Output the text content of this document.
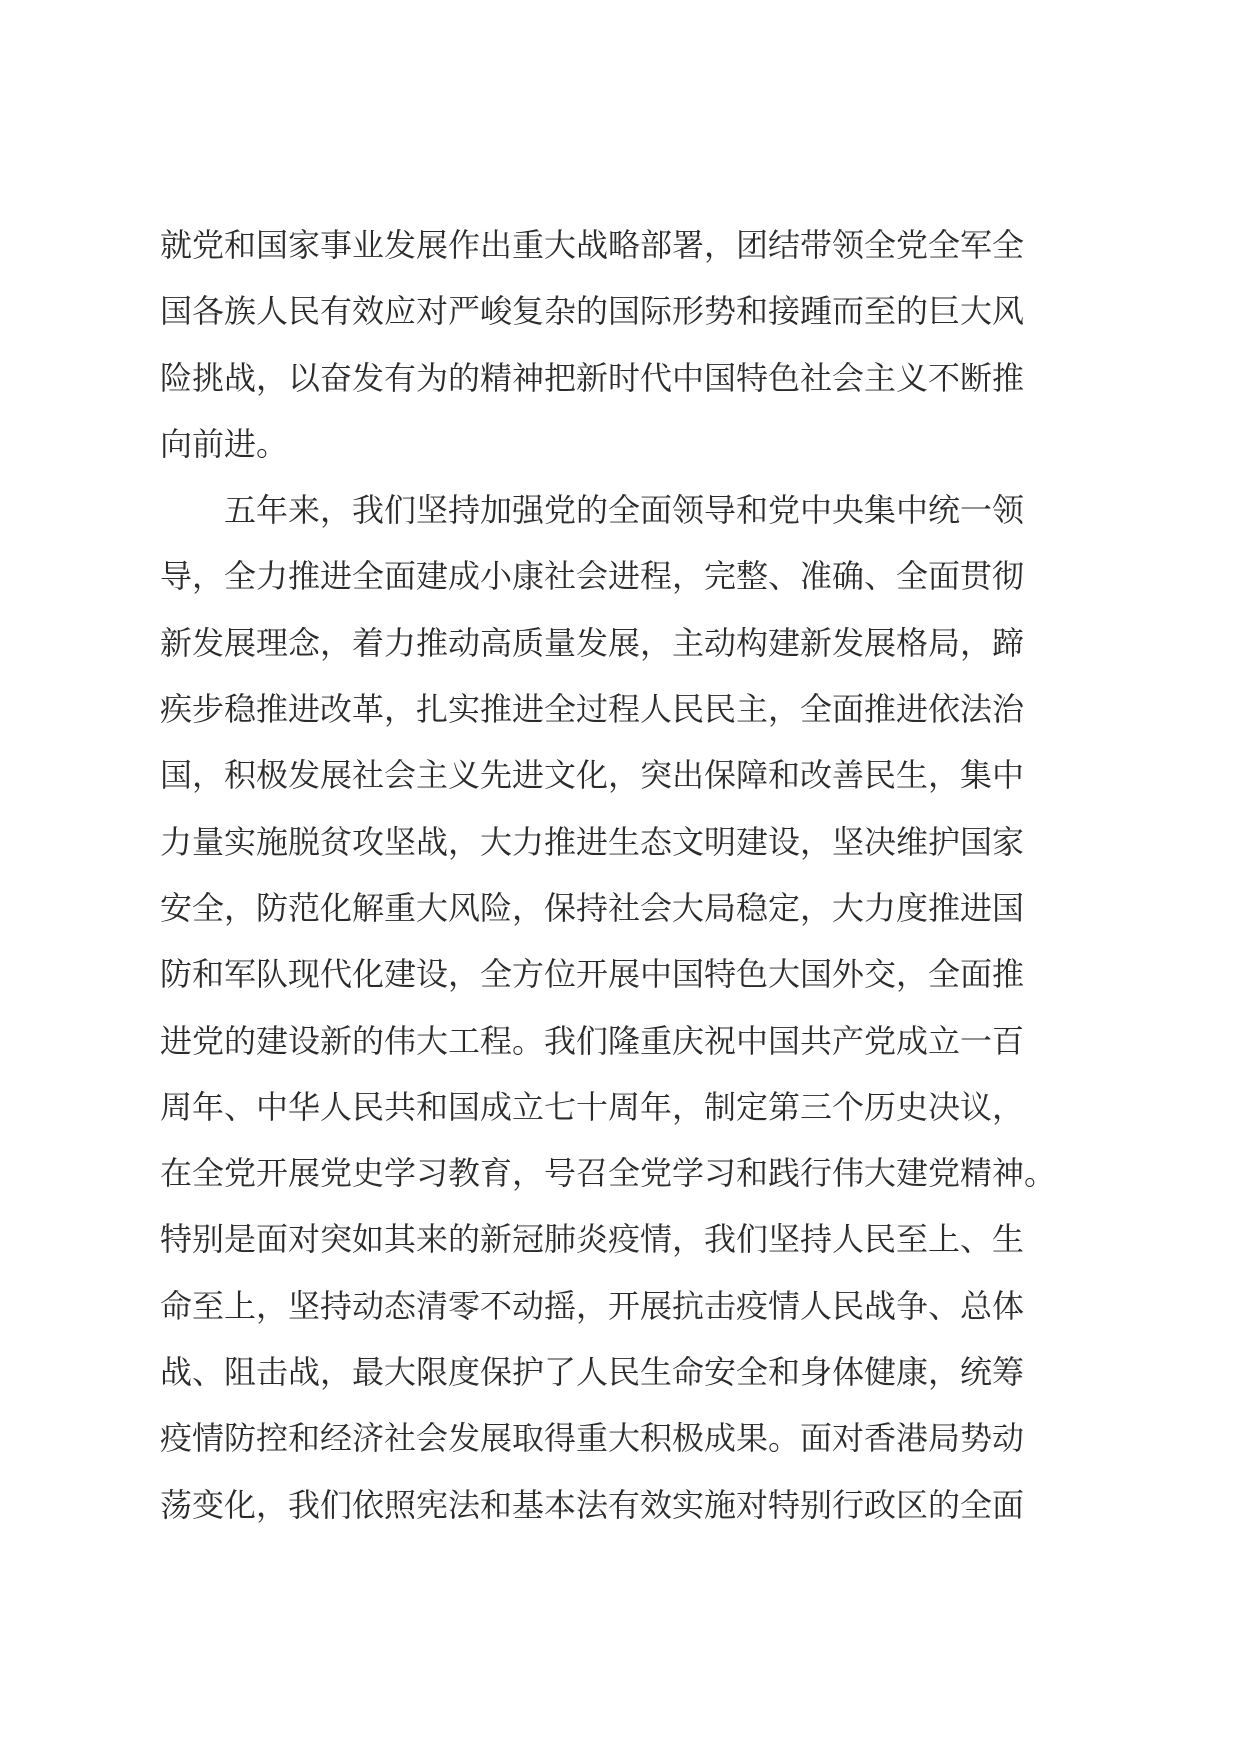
就党和国家事业发展作出重大战略部署，团结带领全党全军全
国各族人民有效应对严峻复杂的国际形势和接踵而至的巨大风
险挑战，以奋发有为的精神把新时代中国特色社会主义不断推
向前进。
　　五年来，我们坚持加强党的全面领导和党中央集中统一领
导，全力推进全面建成小康社会进程，完整、准确、全面贯彻
新发展理念，着力推动高质量发展，主动构建新发展格局，蹄
疾步稳推进改革，扎实推进全过程人民民主，全面推进依法治
国，积极发展社会主义先进文化，突出保障和改善民生，集中
力量实施脱贫攻坚战，大力推进生态文明建设，坚决维护国家
安全，防范化解重大风险，保持社会大局稳定，大力度推进国
防和军队现代化建设，全方位开展中国特色大国外交，全面推
进党的建设新的伟大工程。我们隆重庆祝中国共产党成立一百
周年、中华人民共和国成立七十周年，制定第三个历史决议，
在全党开展党史学习教育，号召全党学习和践行伟大建党精神。
特别是面对突如其来的新冠肺炎疫情，我们坚持人民至上、生
命至上，坚持动态清零不动摇，开展抗击疫情人民战争、总体
战、阻击战，最大限度保护了人民生命安全和身体健康，统筹
疫情防控和经济社会发展取得重大积极成果。面对香港局势动
荡变化，我们依照宪法和基本法有效实施对特别行政区的全面
